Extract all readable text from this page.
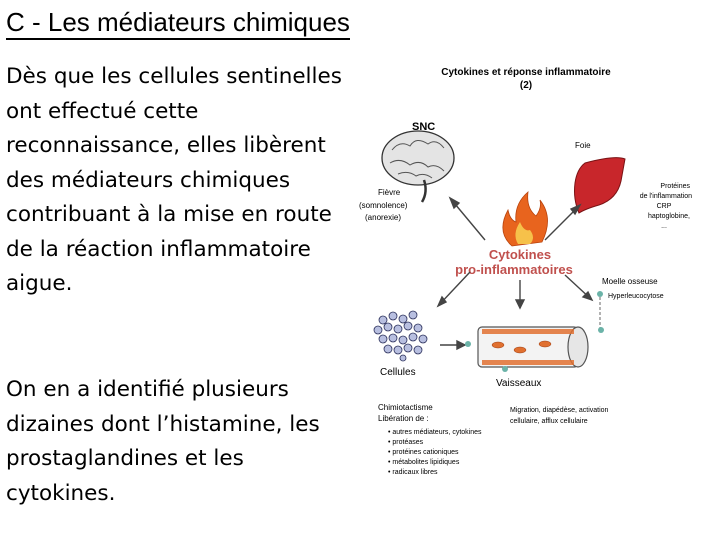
C - Les médiateurs chimiques

Dès que les cellules sentinelles ont effectué cette reconnaissance, elles libèrent des médiateurs chimiques contribuant à la mise en route de la réaction inflammatoire aigue.

On en a identifié plusieurs dizaines dont l’histamine, les prostaglandines et les cytokines.

Cytokines et réponse inflammatoire
(2)
SNC
Fièvre
(somnolence)
(anorexie)
Foie
Protéines
de l'inflammation
CRP
haptoglobine,
...
Cytokines
pro-inflammatoires
Moelle osseuse
Hyperleucocytose
Cellules
Vaisseaux
Chimiotactisme
Libération de :
• autres médiateurs, cytokines
• protéases
• protéines cationiques
• métabolites lipidiques
• radicaux libres
Migration, diapédèse, activation
cellulaire, afflux cellulaire
